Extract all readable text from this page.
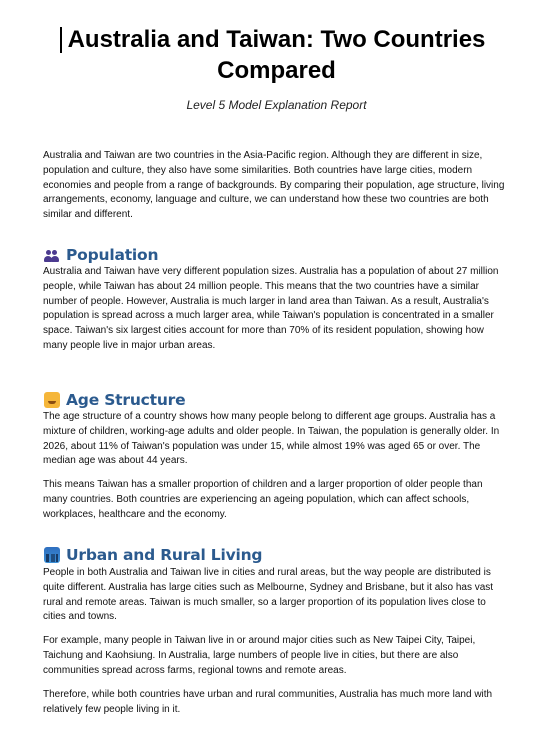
Australia and Taiwan: Two Countries Compared
Level 5 Model Explanation Report

Australia and Taiwan are two countries in the Asia-Pacific region. Although they are different in size, population and culture, they also have some similarities. Both countries have large cities, modern economies and people from a range of backgrounds. By comparing their population, age structure, living arrangements, economy, language and culture, we can understand how these two countries are both similar and different.

Population

Australia and Taiwan have very different population sizes. Australia has a population of about 27 million people, while Taiwan has about 24 million people. This means that the two countries have a similar number of people. However, Australia is much larger in land area than Taiwan. As a result, Australia's population is spread across a much larger area, while Taiwan's population is concentrated in a smaller space. Taiwan's six largest cities account for more than 70% of its resident population, showing how many people live in major urban areas.

Age Structure

The age structure of a country shows how many people belong to different age groups. Australia has a mixture of children, working-age adults and older people. In Taiwan, the population is generally older. In 2026, about 11% of Taiwan's population was under 15, while almost 19% was aged 65 or over. The median age was about 44 years.

This means Taiwan has a smaller proportion of children and a larger proportion of older people than many countries. Both countries are experiencing an ageing population, which can affect schools, workplaces, healthcare and the economy.

Urban and Rural Living

People in both Australia and Taiwan live in cities and rural areas, but the way people are distributed is quite different. Australia has large cities such as Melbourne, Sydney and Brisbane, but it also has vast rural and remote areas. Taiwan is much smaller, so a larger proportion of its population lives close to cities and towns.

For example, many people in Taiwan live in or around major cities such as New Taipei City, Taipei, Taichung and Kaohsiung. In Australia, large numbers of people live in cities, but there are also communities spread across farms, regional towns and remote areas.

Therefore, while both countries have urban and rural communities, Australia has much more land with relatively few people living in it.
